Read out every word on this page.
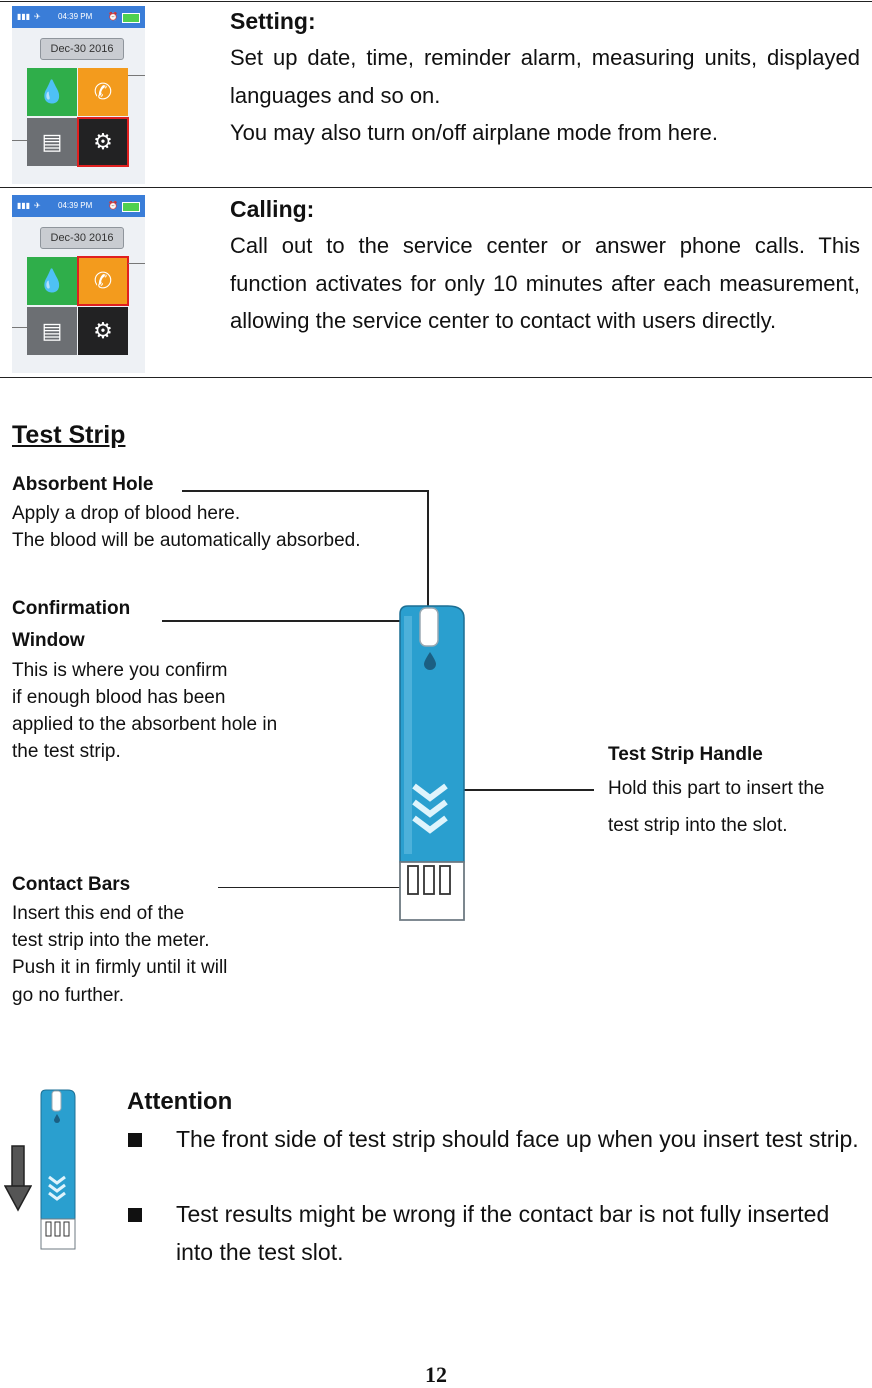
▮▮▮ ✈ 04:39 PM ⏰
Dec-30 2016
💧 ✆
▤ ⚙
Setting:
Set up date, time, reminder alarm, measuring units, displayed languages and so on.
You may also turn on/off airplane mode from here.
▮▮▮ ✈ 04:39 PM ⏰
Dec-30 2016
💧 ✆
▤ ⚙
Calling:
Call out to the service center or answer phone calls. This function activates for only 10 minutes after each measurement, allowing the service center to contact with users directly.
Test Strip
Absorbent Hole
Apply a drop of blood here.
The blood will be automatically absorbed.
Confirmation
Window
This is where you confirm
if enough blood has been
applied to the absorbent hole in
the test strip.	Test Strip Handle
Hold this part to insert the
test strip into the slot.
Contact Bars
Insert this end of the
test strip into the meter.
Push it in firmly until it will
go no further.
Attention
The front side of test strip should face up when you insert test strip.
Test results might be wrong if the contact bar is not fully inserted into the test slot.
12
